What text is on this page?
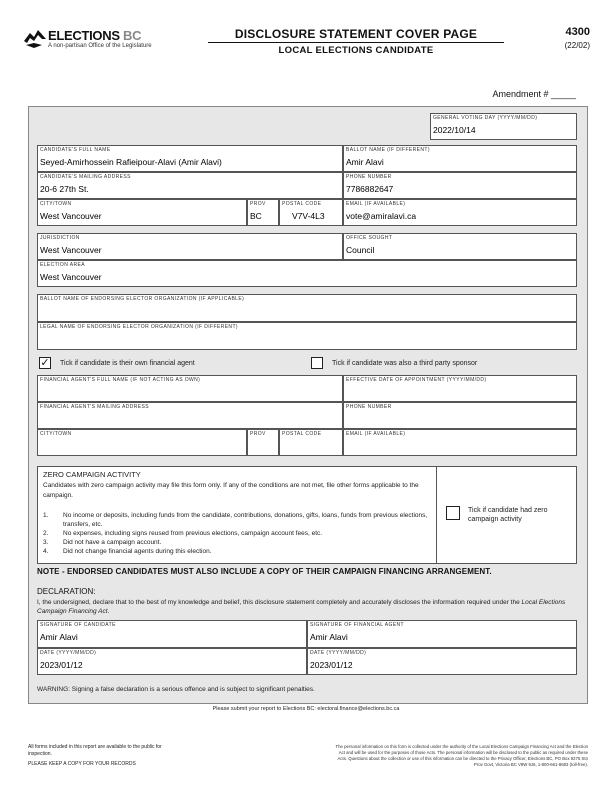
ELECTIONS BC
A non-partisan Office of the Legislature
DISCLOSURE STATEMENT COVER PAGE
LOCAL ELECTIONS CANDIDATE
4300
(22/02)
Amendment # _____
GENERAL VOTING DAY (YYYY/MM/DD)
2022/10/14
CANDIDATE'S FULL NAME
Seyed-Amirhossein Rafieipour-Alavi (Amir Alavi)
BALLOT NAME (IF DIFFERENT)
Amir Alavi
CANDIDATE'S MAILING ADDRESS
20-6 27th St.
PHONE NUMBER
7786882647
CITY/TOWN
West Vancouver
PROV
BC
POSTAL CODE
V7V-4L3
EMAIL (IF AVAILABLE)
vote@amiralavi.ca
JURISDICTION
West Vancouver
OFFICE SOUGHT
Council
ELECTION AREA
West Vancouver
BALLOT NAME OF ENDORSING ELECTOR ORGANIZATION (IF APPLICABLE)
LEGAL NAME OF ENDORSING ELECTOR ORGANIZATION (IF DIFFERENT)
✓ Tick if candidate is their own financial agent	Tick if candidate was also a third party sponsor
FINANCIAL AGENT'S FULL NAME (IF NOT ACTING AS OWN)	EFFECTIVE DATE OF APPOINTMENT (YYYY/MM/DD)
FINANCIAL AGENT'S MAILING ADDRESS	PHONE NUMBER
CITY/TOWN	PROV	POSTAL CODE	EMAIL (IF AVAILABLE)
ZERO CAMPAIGN ACTIVITY
Candidates with zero campaign activity may file this form only. If any of the conditions are not met, file other forms applicable to the campaign.
1.	No income or deposits, including funds from the candidate, contributions, donations, gifts, loans, funds from previous elections, transfers, etc.
2.	No expenses, including signs reused from previous elections, campaign account fees, etc.
3.	Did not have a campaign account.
4.	Did not change financial agents during this election.
Tick if candidate had zero campaign activity
NOTE - ENDORSED CANDIDATES MUST ALSO INCLUDE A COPY OF THEIR CAMPAIGN FINANCING ARRANGEMENT.
DECLARATION:
I, the undersigned, declare that to the best of my knowledge and belief, this disclosure statement completely and accurately discloses the information required under the Local Elections Campaign Financing Act.
SIGNATURE OF CANDIDATE
Amir Alavi
SIGNATURE OF FINANCIAL AGENT
Amir Alavi
DATE (YYYY/MM/DD)
2023/01/12
DATE (YYYY/MM/DD)
2023/01/12
WARNING: Signing a false declaration is a serious offence and is subject to significant penalties.
Please submit your report to Elections BC: electoral.finance@elections.bc.ca
All forms included in this report are available to the public for inspection.
PLEASE KEEP A COPY FOR YOUR RECORDS
The personal information on this form is collected under the authority of the Local Elections Campaign Financing Act and the Election Act and will be used for the purposes of those Acts. The personal information will be disclosed to the public as required under these Acts. Questions about the collection or use of this information can be directed to the Privacy Officer, Elections BC, PO Box 9275 Stn Prov Govt, Victoria BC V8W 9J6, 1-800-661-8683 (toll-free).
